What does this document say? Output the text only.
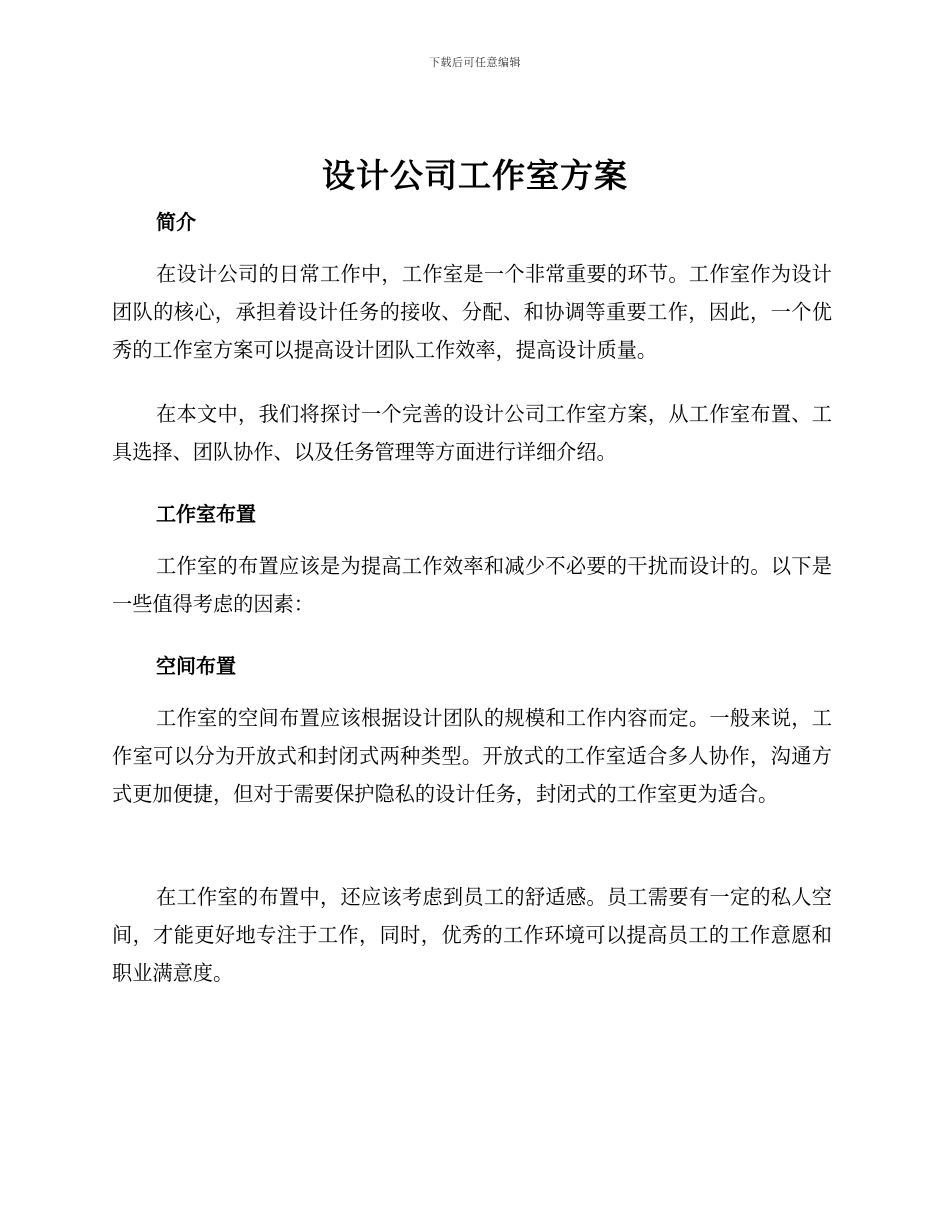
下载后可任意编辑
设计公司工作室方案
简介

在设计公司的日常工作中，工作室是一个非常重要的环节。工作室作为设计团队的核心，承担着设计任务的接收、分配、和协调等重要工作，因此，一个优秀的工作室方案可以提高设计团队工作效率，提高设计质量。

在本文中，我们将探讨一个完善的设计公司工作室方案，从工作室布置、工具选择、团队协作、以及任务管理等方面进行详细介绍。

工作室布置

工作室的布置应该是为提高工作效率和减少不必要的干扰而设计的。以下是一些值得考虑的因素：

空间布置

工作室的空间布置应该根据设计团队的规模和工作内容而定。一般来说，工作室可以分为开放式和封闭式两种类型。开放式的工作室适合多人协作，沟通方式更加便捷，但对于需要保护隐私的设计任务，封闭式的工作室更为适合。

在工作室的布置中，还应该考虑到员工的舒适感。员工需要有一定的私人空间，才能更好地专注于工作，同时，优秀的工作环境可以提高员工的工作意愿和职业满意度。
